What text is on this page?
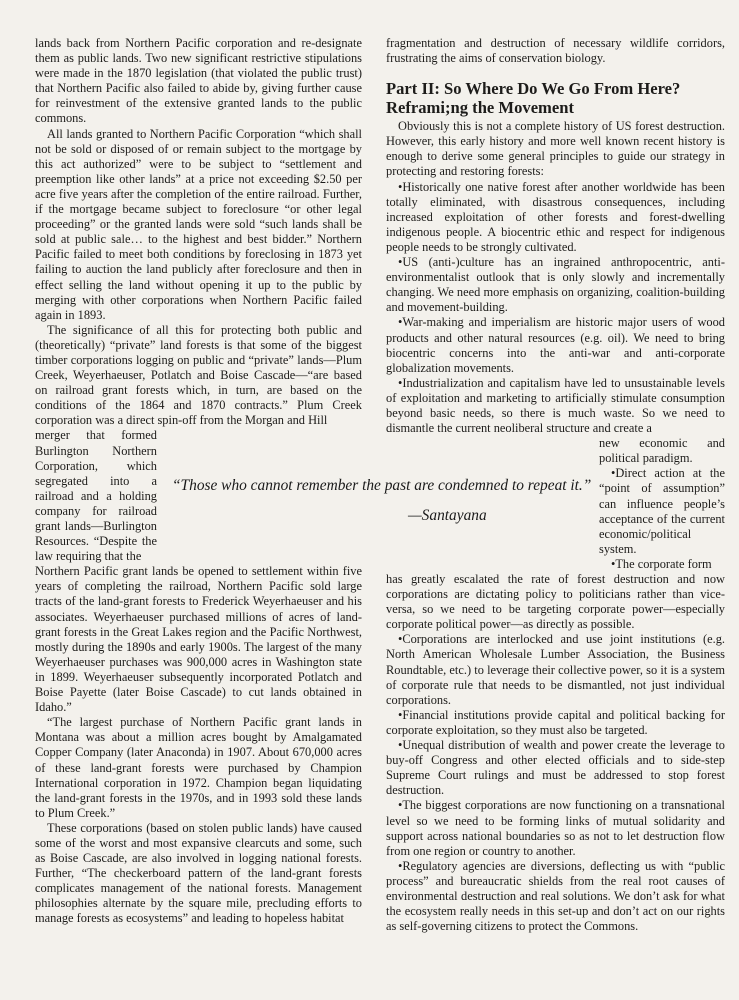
lands back from Northern Pacific corporation and re-designate them as public lands. Two new significant restrictive stipulations were made in the 1870 legislation (that violated the public trust) that Northern Pacific also failed to abide by, giving further cause for reinvestment of the extensive granted lands to the public commons.

All lands granted to Northern Pacific Corporation “which shall not be sold or disposed of or remain subject to the mortgage by this act authorized” were to be subject to “settlement and preemption like other lands” at a price not exceeding $2.50 per acre five years after the completion of the entire railroad. Further, if the mortgage became subject to foreclosure “or other legal proceeding” or the granted lands were sold “such lands shall be sold at public sale… to the highest and best bidder.” Northern Pacific failed to meet both conditions by foreclosing in 1873 yet failing to auction the land publicly after foreclosure and then in effect selling the land without opening it up to the public by merging with other corporations when Northern Pacific failed again in 1893.

The significance of all this for protecting both public and (theoretically) “private” land forests is that some of the biggest timber corporations logging on public and “private” lands—Plum Creek, Weyerhaeuser, Potlatch and Boise Cascade—“are based on railroad grant forests which, in turn, are based on the conditions of the 1864 and 1870 contracts.” Plum Creek corporation was a direct spin-off from the Morgan and Hill

merger that formed Burlington Northern Corporation, which segregated into a railroad and a holding company for railroad grant lands—Burlington Resources. “Despite the law requiring that the

Northern Pacific grant lands be opened to settlement within five years of completing the railroad, Northern Pacific sold large tracts of the land-grant forests to Frederick Weyerhaeuser and his associates. Weyerhaeuser purchased millions of acres of land-grant forests in the Great Lakes region and the Pacific Northwest, mostly during the 1890s and early 1900s. The largest of the many Weyerhaeuser purchases was 900,000 acres in Washington state in 1899. Weyerhaeuser subsequently incorporated Potlatch and Boise Payette (later Boise Cascade) to cut lands obtained in Idaho.”

“The largest purchase of Northern Pacific grant lands in Montana was about a million acres bought by Amalgamated Copper Company (later Anaconda) in 1907. About 670,000 acres of these land-grant forests were purchased by Champion International corporation in 1972. Champion began liquidating the land-grant forests in the 1970s, and in 1993 sold these lands to Plum Creek.”

These corporations (based on stolen public lands) have caused some of the worst and most expansive clearcuts and some, such as Boise Cascade, are also involved in logging national forests. Further, “The checkerboard pattern of the land-grant forests complicates management of the national forests. Management philosophies alternate by the square mile, precluding efforts to manage forests as ecosystems” and leading to hopeless habitat

fragmentation and destruction of necessary wildlife corridors, frustrating the aims of conservation biology.

Part II: So Where Do We Go From Here? Reframi;ng the Movement

Obviously this is not a complete history of US forest destruction. However, this early history and more well known recent history is enough to derive some general principles to guide our strategy in protecting and restoring forests:

•Historically one native forest after another worldwide has been totally eliminated, with disastrous consequences, including increased exploitation of other forests and forest-dwelling indigenous people. A biocentric ethic and respect for indigenous people needs to be strongly cultivated.

•US (anti-)culture has an ingrained anthropocentric, anti-environmentalist outlook that is only slowly and incrementally changing. We need more emphasis on organizing, coalition-building and movement-building.

•War-making and imperialism are historic major users of wood products and other natural resources (e.g. oil). We need to bring biocentric concerns into the anti-war and anti-corporate globalization movements.

•Industrialization and capitalism have led to unsustainable levels of exploitation and marketing to artificially stimulate consumption beyond basic needs, so there is much waste. So we need to dismantle the current neoliberal structure and create a

new economic and political paradigm.

•Direct action at the “point of assumption” can influence people’s acceptance of the current economic/political system.

•The corporate form

has greatly escalated the rate of forest destruction and now corporations are dictating policy to politicians rather than vice-versa, so we need to be targeting corporate power—especially corporate political power—as directly as possible.

•Corporations are interlocked and use joint institutions (e.g. North American Wholesale Lumber Association, the Business Roundtable, etc.) to leverage their collective power, so it is a system of corporate rule that needs to be dismantled, not just individual corporations.

•Financial institutions provide capital and political backing for corporate exploitation, so they must also be targeted.

•Unequal distribution of wealth and power create the leverage to buy-off Congress and other elected officials and to side-step Supreme Court rulings and must be addressed to stop forest destruction.

•The biggest corporations are now functioning on a transnational level so we need to be forming links of mutual solidarity and support across national boundaries so as not to let destruction flow from one region or country to another.

•Regulatory agencies are diversions, deflecting us with “public process” and bureaucratic shields from the real root causes of environmental destruction and real solutions. We don’t ask for what the ecosystem really needs in this set-up and don’t act on our rights as self-governing citizens to protect the Commons.

“Those who cannot remember the past are condemned to repeat it.”

—Santayana
